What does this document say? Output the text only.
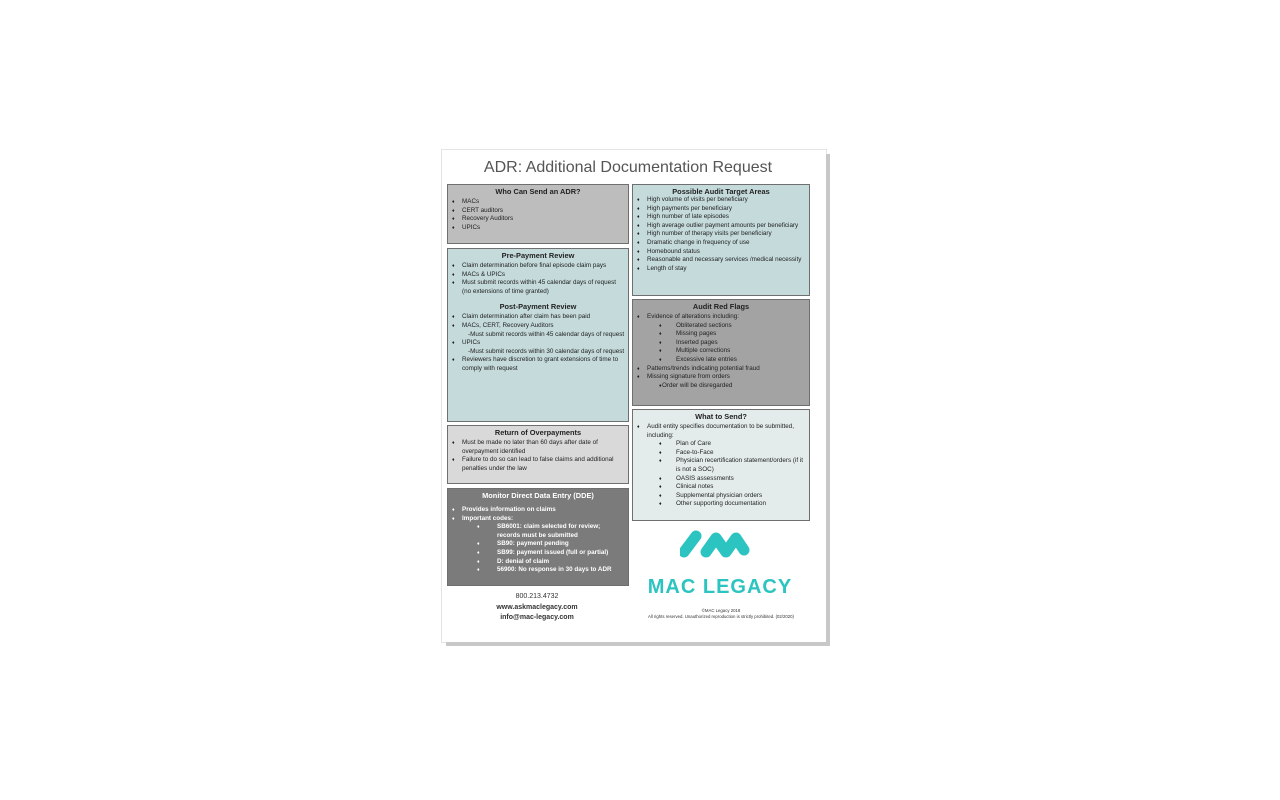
ADR: Additional Documentation Request
Who Can Send an ADR?
♦ MACs
♦ CERT auditors
♦ Recovery Auditors
♦ UPICs
Pre-Payment Review
♦ Claim determination before final episode claim pays
♦ MACs & UPICs
♦ Must submit records within 45 calendar days of request (no extensions of time granted)
Post-Payment Review
♦ Claim determination after claim has been paid
♦ MACs, CERT, Recovery Auditors
-Must submit records within 45 calendar days of request
♦ UPICs
-Must submit records within 30 calendar days of request
♦ Reviewers have discretion to grant extensions of time to comply with request
Return of Overpayments
♦ Must be made no later than 60 days after date of overpayment identified
♦ Failure to do so can lead to false claims and additional penalties under the law
Monitor Direct Data Entry (DDE)
♦ Provides information on claims
♦ Important codes:
♦ SB6001: claim selected for review; records must be submitted
♦ SB90: payment pending
♦ SB99: payment issued (full or partial)
♦ D: denial of claim
♦ 56900: No response in 30 days to ADR
800.213.4732
www.askmaclegacy.com
info@mac-legacy.com
Possible Audit Target Areas
♦ High volume of visits per beneficiary
♦ High payments per beneficiary
♦ High number of late episodes
♦ High average outlier payment amounts per beneficiary
♦ High number of therapy visits per beneficiary
♦ Dramatic change in frequency of use
♦ Homebound status
♦ Reasonable and necessary services /medical necessity
♦ Length of stay
Audit Red Flags
♦ Evidence of alterations including:
♦ Obliterated sections
♦ Missing pages
♦ Inserted pages
♦ Multiple corrections
♦ Excessive late entries
♦ Patterns/trends indicating potential fraud
♦ Missing signature from orders
♦ Order will be disregarded
What to Send?
♦ Audit entity specifies documentation to be submitted, including:
♦ Plan of Care
♦ Face-to-Face
♦ Physician recertification statement/orders (if it is not a SOC)
♦ OASIS assessments
♦ Clinical notes
♦ Supplemental physician orders
♦ Other supporting documentation
MAC LEGACY
©MAC Legacy 2018
All rights reserved. Unauthorized reproduction is strictly prohibited. (02/2020)
